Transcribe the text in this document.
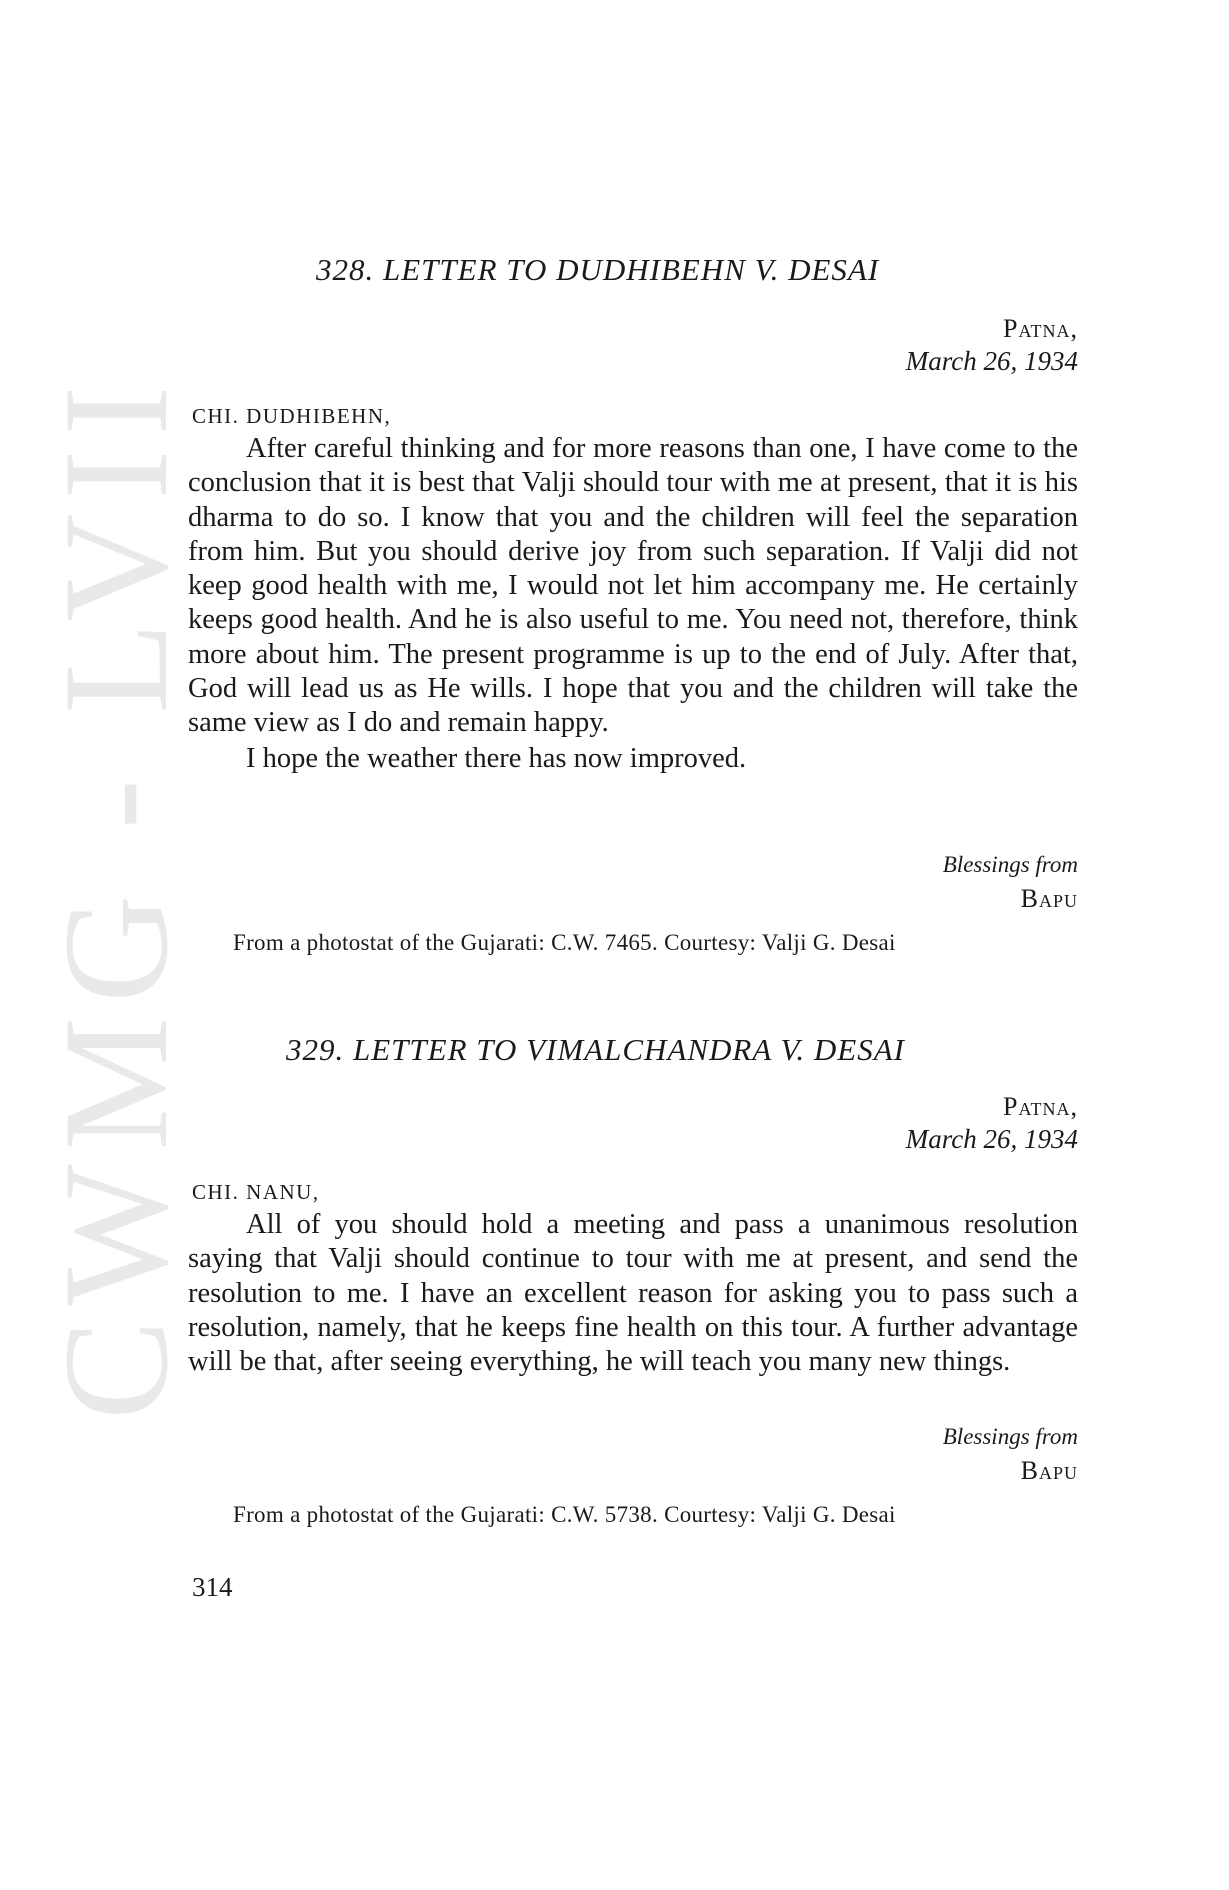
CWMG - LVII
328. LETTER TO DUDHIBEHN V. DESAI
Patna,
March 26, 1934
CHI. DUDHIBEHN,

After careful thinking and for more reasons than one, I have come to the conclusion that it is best that Valji should tour with me at present, that it is his dharma to do so. I know that you and the children will feel the separation from him. But you should derive joy from such separation. If Valji did not keep good health with me, I would not let him accompany me. He certainly keeps good health. And he is also useful to me. You need not, therefore, think more about him. The present programme is up to the end of July. After that, God will lead us as He wills. I hope that you and the children will take the same view as I do and remain happy.

I hope the weather there has now improved.

Blessings from
Bapu
From a photostat of the Gujarati: C.W. 7465. Courtesy: Valji G. Desai
329. LETTER TO VIMALCHANDRA V. DESAI
Patna,
March 26, 1934
CHI. NANU,

All of you should hold a meeting and pass a unanimous resolution saying that Valji should continue to tour with me at present, and send the resolution to me. I have an excellent reason for asking you to pass such a resolution, namely, that he keeps fine health on this tour. A further advantage will be that, after seeing everything, he will teach you many new things.

Blessings from
Bapu
From a photostat of the Gujarati: C.W. 5738. Courtesy: Valji G. Desai
314
